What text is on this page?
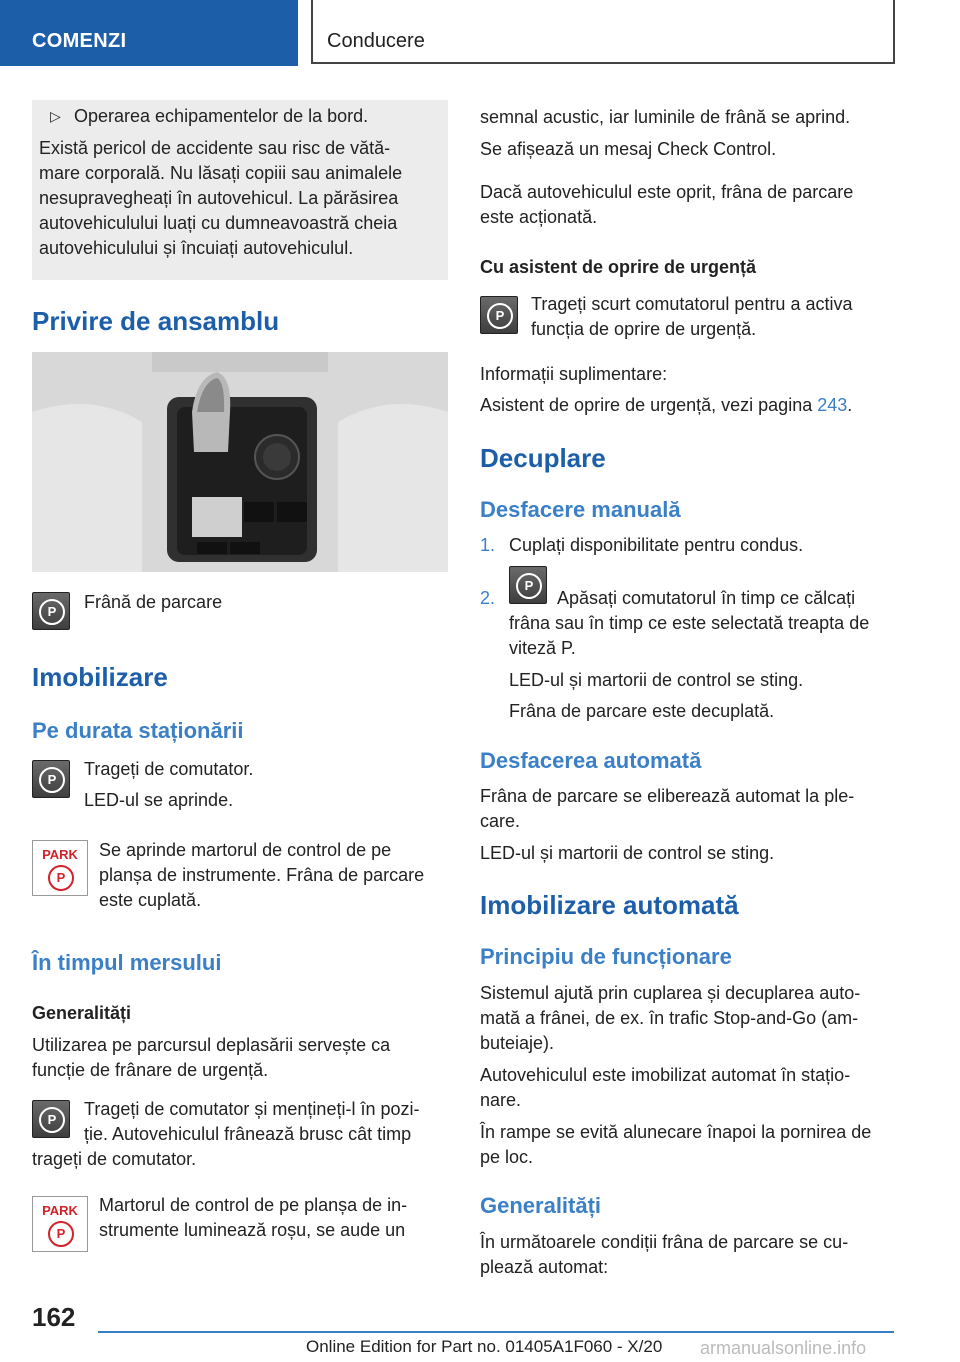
COMENZI	Conducere
▷ Operarea echipamentelor de la bord.
Există pericol de accidente sau risc de vătă-
mare corporală. Nu lăsați copiii sau animalele
nesupravegheați în autovehicul. La părăsirea
autovehiculului luați cu dumneavoastră cheia
autovehiculului și încuiați autovehiculul.
Privire de ansamblu
P	Frână de parcare
Imobilizare
Pe durata staționării
P
Trageți de comutator.
LED-ul se aprinde.
PARK
P
Se aprinde martorul de control de pe
planșa de instrumente. Frâna de parcare
este cuplată.
În timpul mersului
Generalități
Utilizarea pe parcursul deplasării servește ca
funcție de frânare de urgență.
P
Trageți de comutator și mențineți-l în pozi-
ție. Autovehiculul frânează brusc cât timp
trageți de comutator.
PARK
P
Martorul de control de pe planșa de in-
strumente luminează roșu, se aude un
semnal acustic, iar luminile de frână se aprind.
Se afișează un mesaj Check Control.
Dacă autovehiculul este oprit, frâna de parcare
este acționată.
Cu asistent de oprire de urgență
P
Trageți scurt comutatorul pentru a activa
funcția de oprire de urgență.
Informații suplimentare:
Asistent de oprire de urgență, vezi pagina 243.
Decuplare
Desfacere manuală
1. Cuplați disponibilitate pentru condus.
2.
P
Apăsați comutatorul în timp ce călcați
frâna sau în timp ce este selectată treapta de
viteză P.
LED-ul și martorii de control se sting.
Frâna de parcare este decuplată.
Desfacerea automată
Frâna de parcare se eliberează automat la ple-
care.
LED-ul și martorii de control se sting.
Imobilizare automată
Principiu de funcționare
Sistemul ajută prin cuplarea și decuplarea auto-
mată a frânei, de ex. în trafic Stop-and-Go (am-
buteiaje).
Autovehiculul este imobilizat automat în stațio-
nare.
În rampe se evită alunecare înapoi la pornirea de
pe loc.
Generalități
În următoarele condiții frâna de parcare se cu-
plează automat:
162
Online Edition for Part no. 01405A1F060 - X/20 armanualsonline.info
